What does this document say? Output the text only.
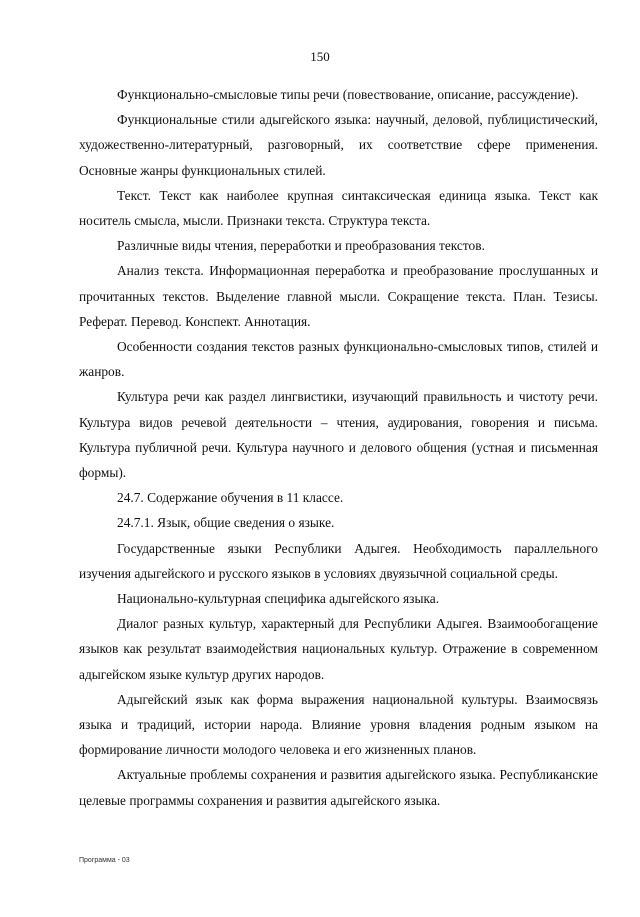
150

Функционально-смысловые типы речи (повествование, описание, рассуждение).

Функциональные стили адыгейского языка: научный, деловой, публицистический, художественно-литературный, разговорный, их соответствие сфере применения. Основные жанры функциональных стилей.

Текст. Текст как наиболее крупная синтаксическая единица языка. Текст как носитель смысла, мысли. Признаки текста. Структура текста.

Различные виды чтения, переработки и преобразования текстов.

Анализ текста. Информационная переработка и преобразование прослушанных и прочитанных текстов. Выделение главной мысли. Сокращение текста. План. Тезисы. Реферат. Перевод. Конспект. Аннотация.

Особенности создания текстов разных функционально-смысловых типов, стилей и жанров.

Культура речи как раздел лингвистики, изучающий правильность и чистоту речи. Культура видов речевой деятельности – чтения, аудирования, говорения и письма. Культура публичной речи. Культура научного и делового общения (устная и письменная формы).

24.7. Содержание обучения в 11 классе.

24.7.1. Язык, общие сведения о языке.

Государственные языки Республики Адыгея. Необходимость параллельного изучения адыгейского и русского языков в условиях двуязычной социальной среды.

Национально-культурная специфика адыгейского языка.

Диалог разных культур, характерный для Республики Адыгея. Взаимообогащение языков как результат взаимодействия национальных культур. Отражение в современном адыгейском языке культур других народов.

Адыгейский язык как форма выражения национальной культуры. Взаимосвязь языка и традиций, истории народа. Влияние уровня владения родным языком на формирование личности молодого человека и его жизненных планов.

Актуальные проблемы сохранения и развития адыгейского языка. Республиканские целевые программы сохранения и развития адыгейского языка.

Программа - 03
